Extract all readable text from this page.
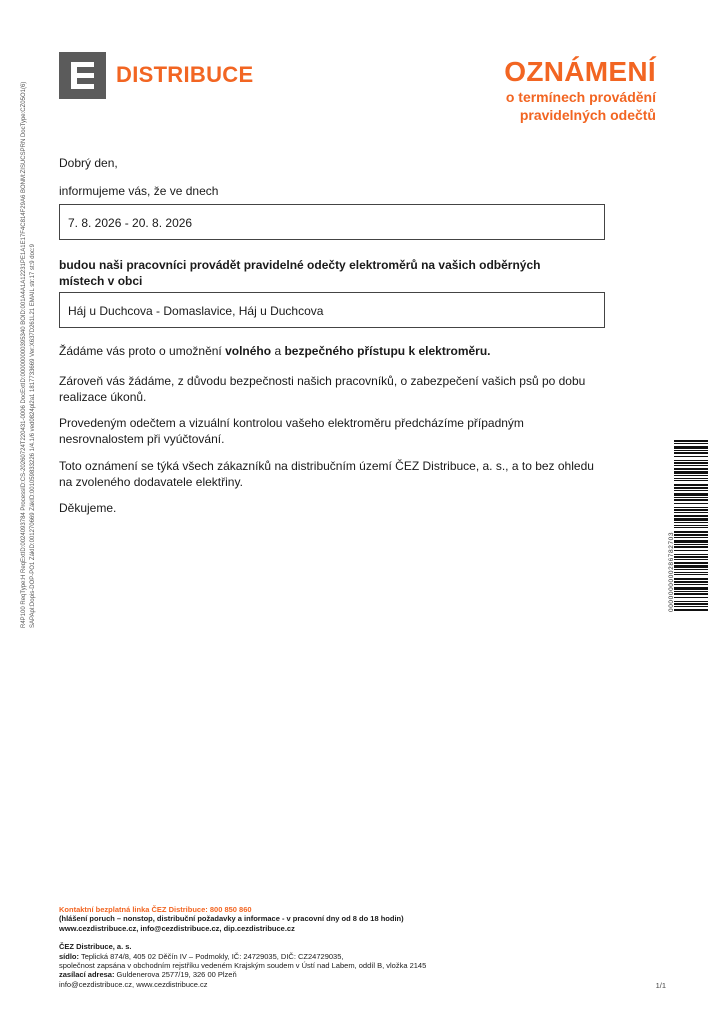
DISTRIBUCE	OZNÁMENÍ
o termínech provádění
pravidelných odečtů
R4P100 ReqType:H ReqExtID:0024093784 ProcessID:CS-20260724T220431-0006 DocExtID:000000000395340 BOID:001A4A1A12231PE1A1E17F4C814F29A6 BONM:ZISUCSPRN DocType:CZ05O1(6) SAPApl:Dopis-DOP-PO1 ZákID:001270669 ZákID:001059833226 1/4.1/6 ved0824pl2a1 1817733669 Ver:X637D261L21 EMAIL str:17 st:9 doc:9

Dobrý den,

informujeme vás, že ve dnech

7. 8. 2026 - 20. 8. 2026

budou naši pracovníci provádět pravidelné odečty elektroměrů na vašich odběrných místech v obci

Háj u Duchcova - Domaslavice, Háj u Duchcova

Žádáme vás proto o umožnění volného a bezpečného přístupu k elektroměru.

Zároveň vás žádáme, z důvodu bezpečnosti našich pracovníků, o zabezpečení vašich psů po dobu realizace úkonů.

Provedeným odečtem a vizuální kontrolou vašeho elektroměru předcházíme případným nesrovnalostem při vyúčtování.

Toto oznámení se týká všech zákazníků na distribučním území ČEZ Distribuce, a. s., a to bez ohledu na zvoleného dodavatele elektřiny.

Děkujeme.

0000000000286782703
Kontaktní bezplatná linka ČEZ Distribuce: 800 850 860
(hlášení poruch – nonstop, distribuční požadavky a informace - v pracovní dny od 8 do 18 hodin)
www.cezdistribuce.cz, info@cezdistribuce.cz, dip.cezdistribuce.cz
ČEZ Distribuce, a. s.
sídlo: Teplická 874/8, 405 02 Děčín IV – Podmokly, IČ: 24729035, DIČ: CZ24729035,
společnost zapsána v obchodním rejstříku vedeném Krajským soudem v Ústí nad Labem, oddíl B, vložka 2145
zasílací adresa: Guldenerova 2577/19, 326 00 Plzeň
info@cezdistribuce.cz, www.cezdistribuce.cz	1/1
